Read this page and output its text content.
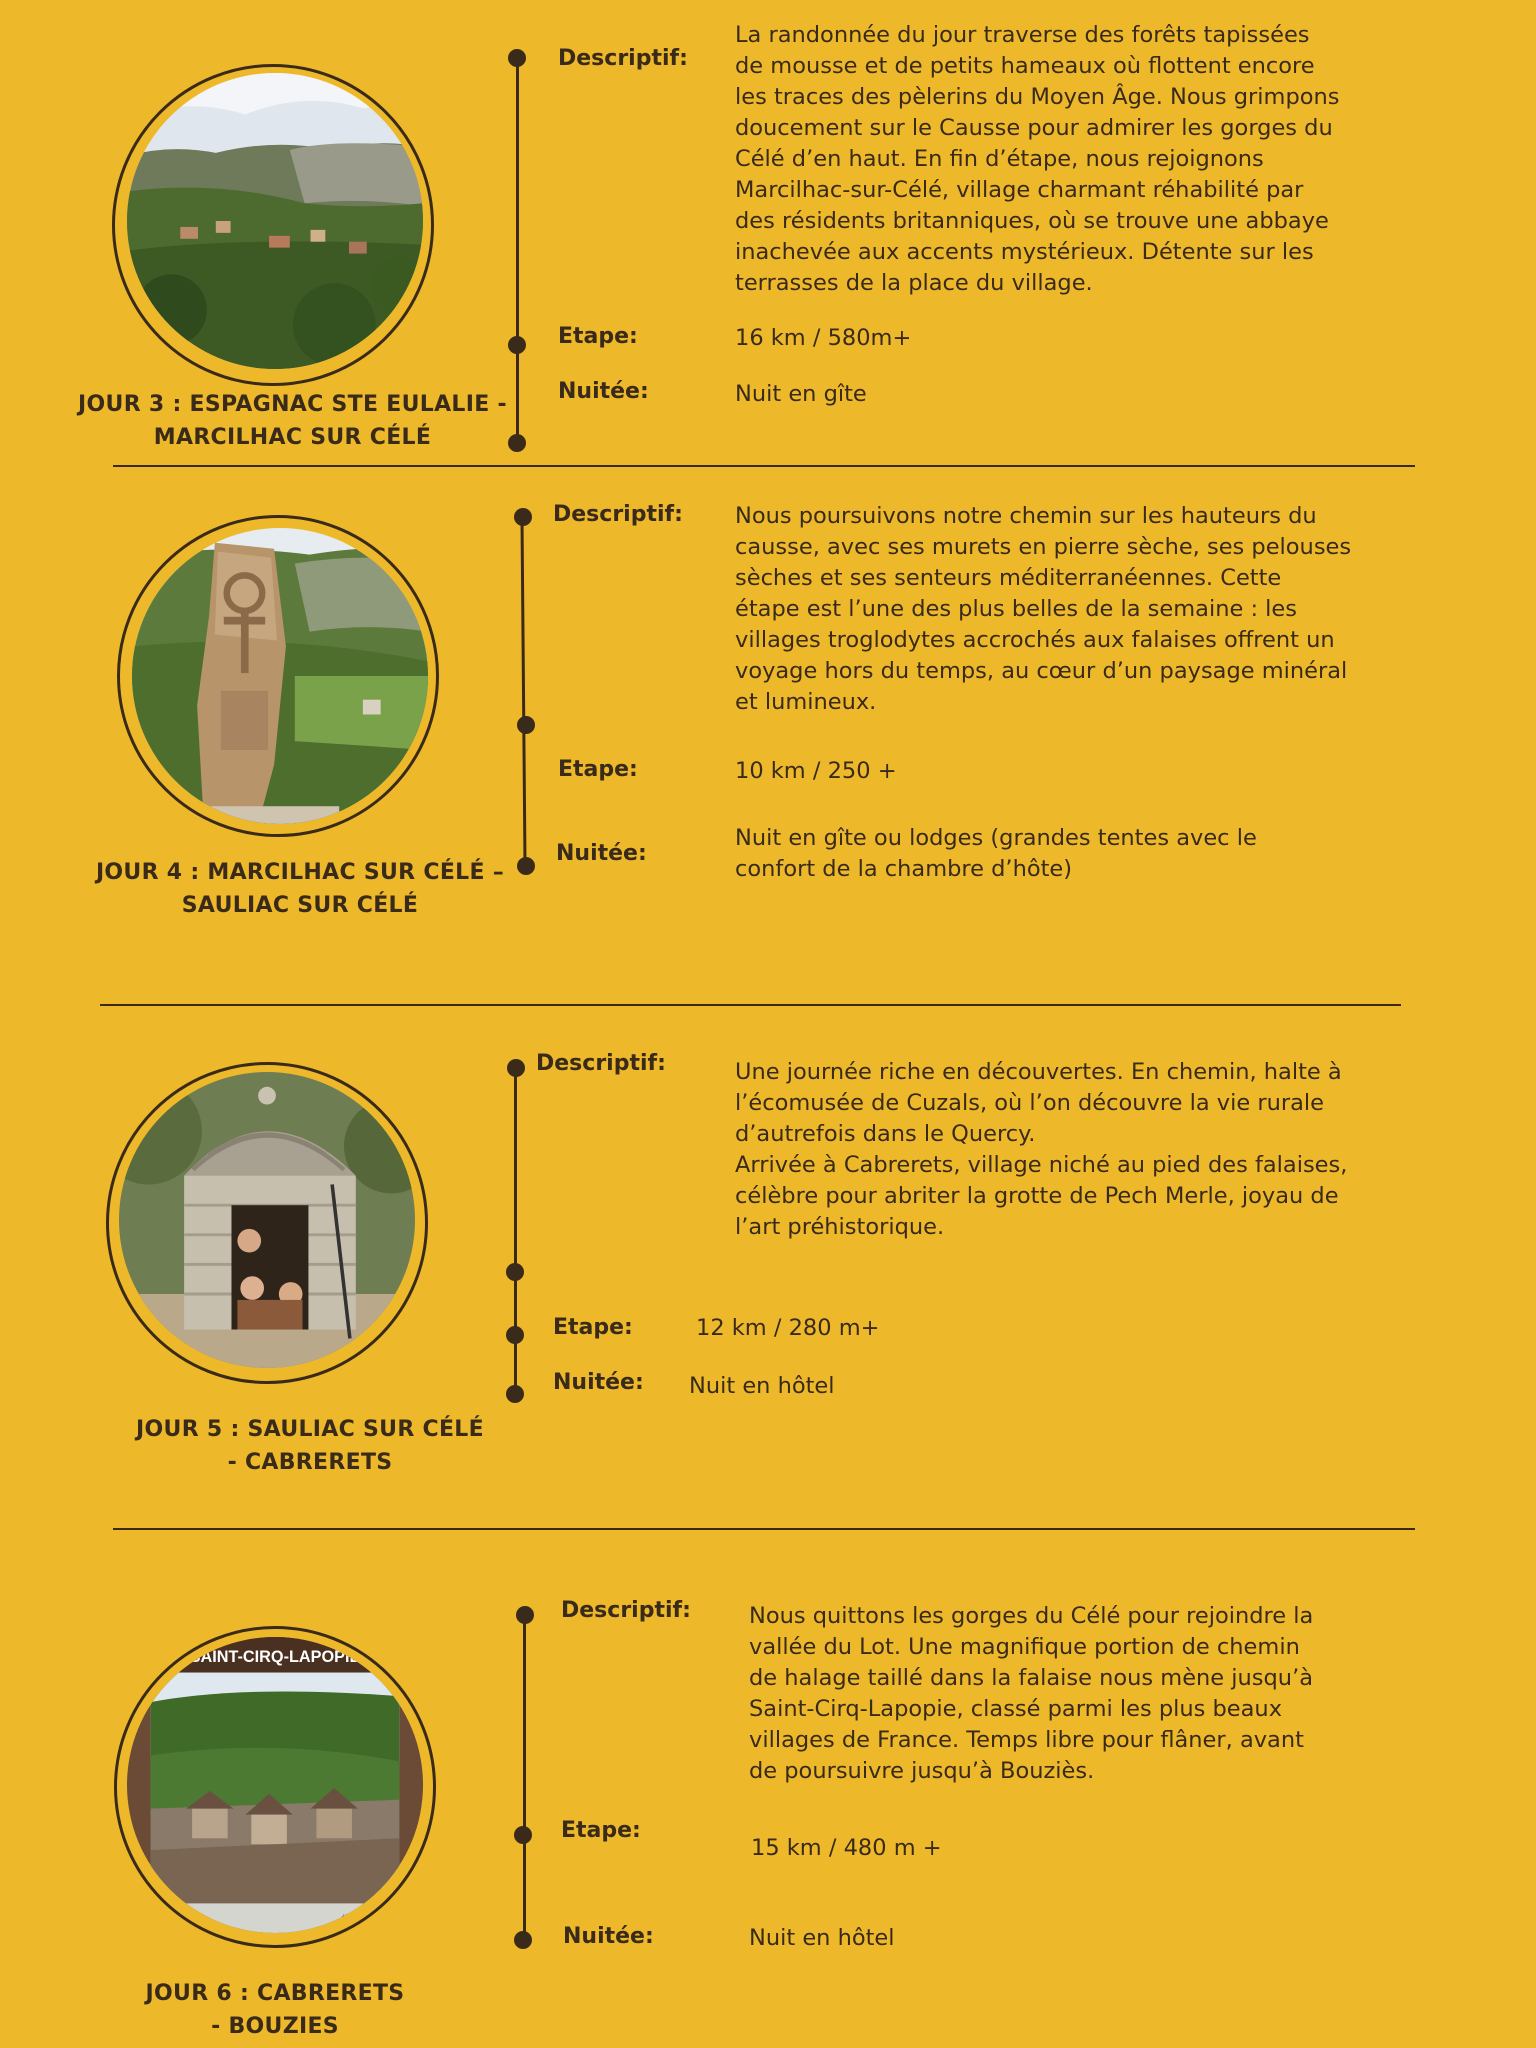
JOUR 3 : ESPAGNAC STE EULALIE -
MARCILHAC SUR CÉLÉ
Descriptif:
La randonnée du jour traverse des forêts tapissées
de mousse et de petits hameaux où flottent encore
les traces des pèlerins du Moyen Âge. Nous grimpons
doucement sur le Causse pour admirer les gorges du
Célé d’en haut. En fin d’étape, nous rejoignons
Marcilhac-sur-Célé, village charmant réhabilité par
des résidents britanniques, où se trouve une abbaye
inachevée aux accents mystérieux. Détente sur les
terrasses de la place du village.
Etape:	16 km / 580m+
Nuitée:	Nuit en gîte
JOUR 4 : MARCILHAC SUR CÉLÉ –
SAULIAC SUR CÉLÉ
Descriptif: Nous poursuivons notre chemin sur les hauteurs du
causse, avec ses murets en pierre sèche, ses pelouses
sèches et ses senteurs méditerranéennes. Cette
étape est l’une des plus belles de la semaine : les
villages troglodytes accrochés aux falaises offrent un
voyage hors du temps, au cœur d’un paysage minéral
et lumineux.
Etape:	10 km / 250 +
Nuitée:
Nuit en gîte ou lodges (grandes tentes avec le
confort de la chambre d’hôte)
JOUR 5 : SAULIAC SUR CÉLÉ
- CABRERETS
Descriptif:	Une journée riche en découvertes. En chemin, halte à
l’écomusée de Cuzals, où l’on découvre la vie rurale
d’autrefois dans le Quercy.
Arrivée à Cabrerets, village niché au pied des falaises,
célèbre pour abriter la grotte de Pech Merle, joyau de
l’art préhistorique.
Etape:	12 km / 280 m+
Nuitée: Nuit en hôtel
SAINT-CIRQ-LAPOPIE
#saintcirq
JOUR 6 : CABRERETS
- BOUZIES
Descriptif:	Nous quittons les gorges du Célé pour rejoindre la
vallée du Lot. Une magnifique portion de chemin
de halage taillé dans la falaise nous mène jusqu’à
Saint-Cirq-Lapopie, classé parmi les plus beaux
villages de France. Temps libre pour flâner, avant
de poursuivre jusqu’à Bouziès.
Etape:
15 km / 480 m +
Nuitée:	Nuit en hôtel
